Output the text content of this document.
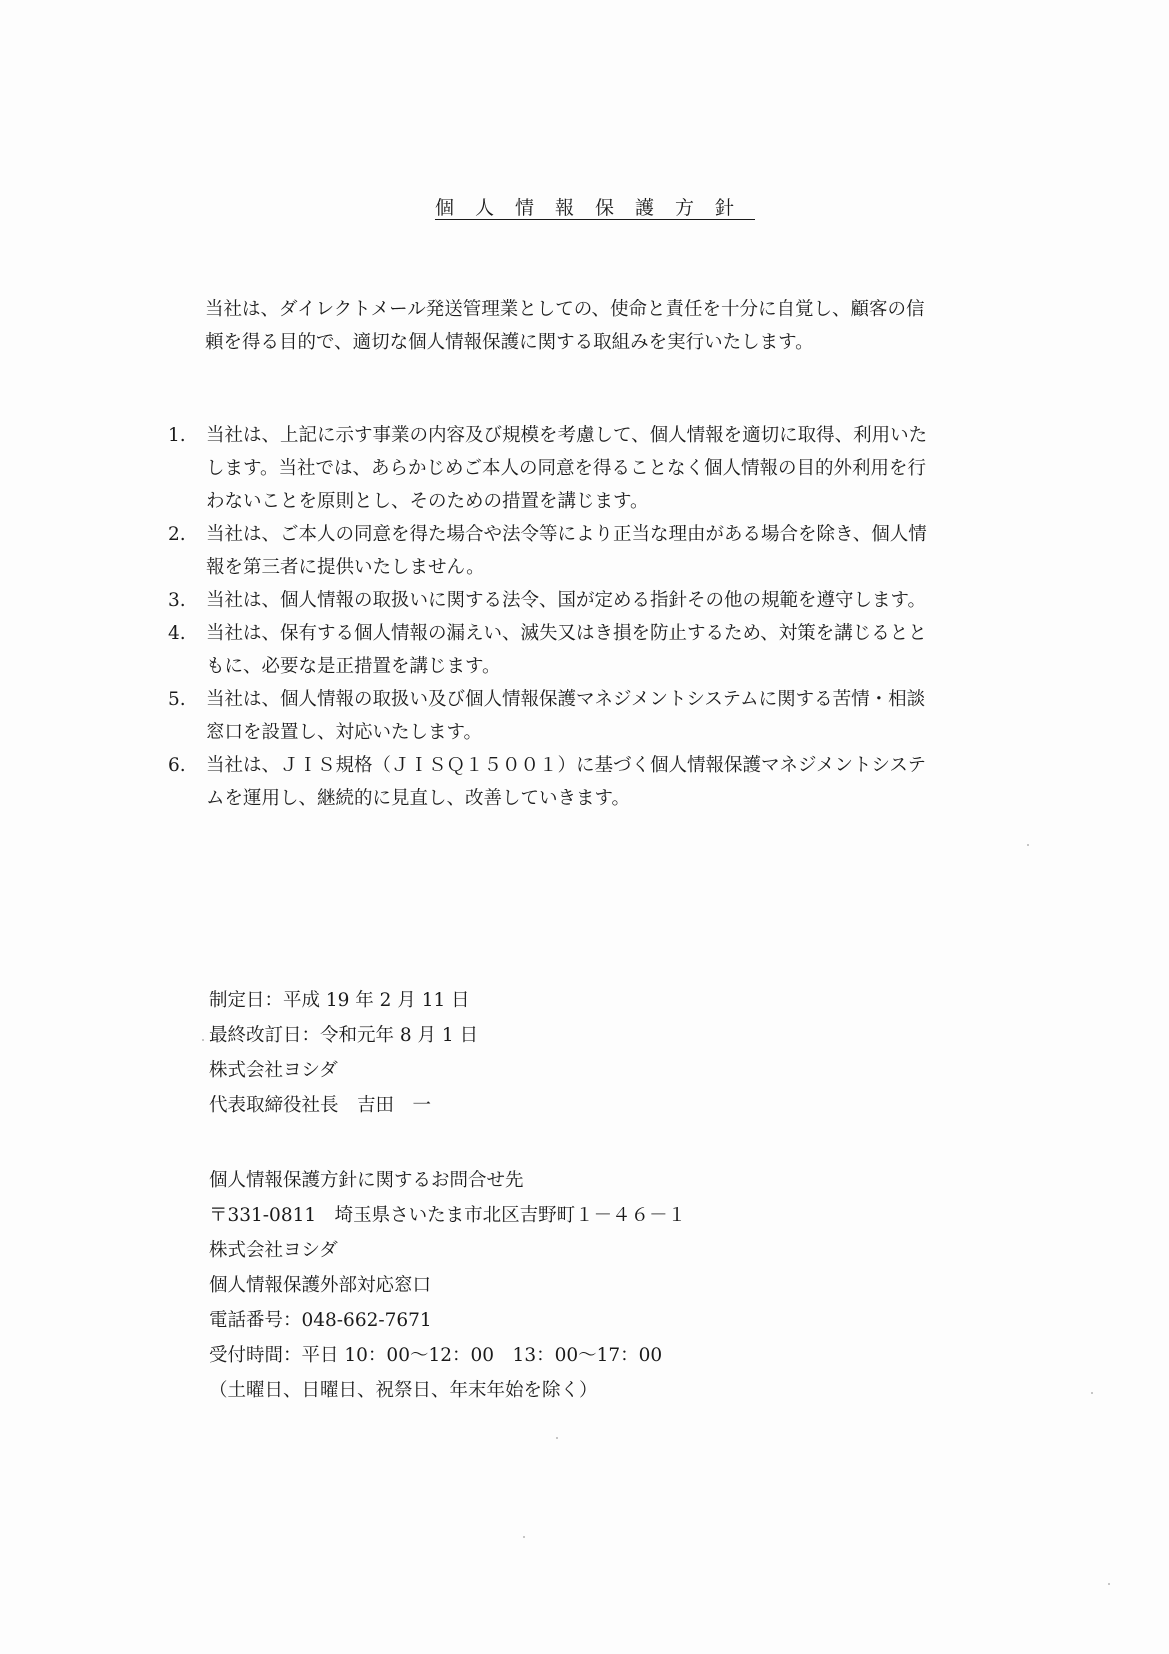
個人情報保護方針
当社は、ダイレクトメール発送管理業としての、使命と責任を十分に自覚し、顧客の信
頼を得る目的で、適切な個人情報保護に関する取組みを実行いたします。
1.	当社は、上記に示す事業の内容及び規模を考慮して、個人情報を適切に取得、利用いた
します。当社では、あらかじめご本人の同意を得ることなく個人情報の目的外利用を行
わないことを原則とし、そのための措置を講じます。
2.	当社は、ご本人の同意を得た場合や法令等により正当な理由がある場合を除き、個人情
報を第三者に提供いたしません。
3.	当社は、個人情報の取扱いに関する法令、国が定める指針その他の規範を遵守します。
4.	当社は、保有する個人情報の漏えい、滅失又はき損を防止するため、対策を講じるとと
もに、必要な是正措置を講じます。
5.	当社は、個人情報の取扱い及び個人情報保護マネジメントシステムに関する苦情・相談
窓口を設置し、対応いたします。
6.	当社は、ＪＩＳ規格（ＪＩＳＱ１５００１）に基づく個人情報保護マネジメントシステ
ムを運用し、継続的に見直し、改善していきます。
制定日：平成 19 年 2 月 11 日
最終改訂日：令和元年 8 月 1 日
株式会社ヨシダ
代表取締役社長　吉田　一
個人情報保護方針に関するお問合せ先
〒331-0811　埼玉県さいたま市北区吉野町１－４６－１
株式会社ヨシダ
個人情報保護外部対応窓口
電話番号：048-662-7671
受付時間：平日 10：00～12：00　13：00～17：00
（土曜日、日曜日、祝祭日、年末年始を除く）
